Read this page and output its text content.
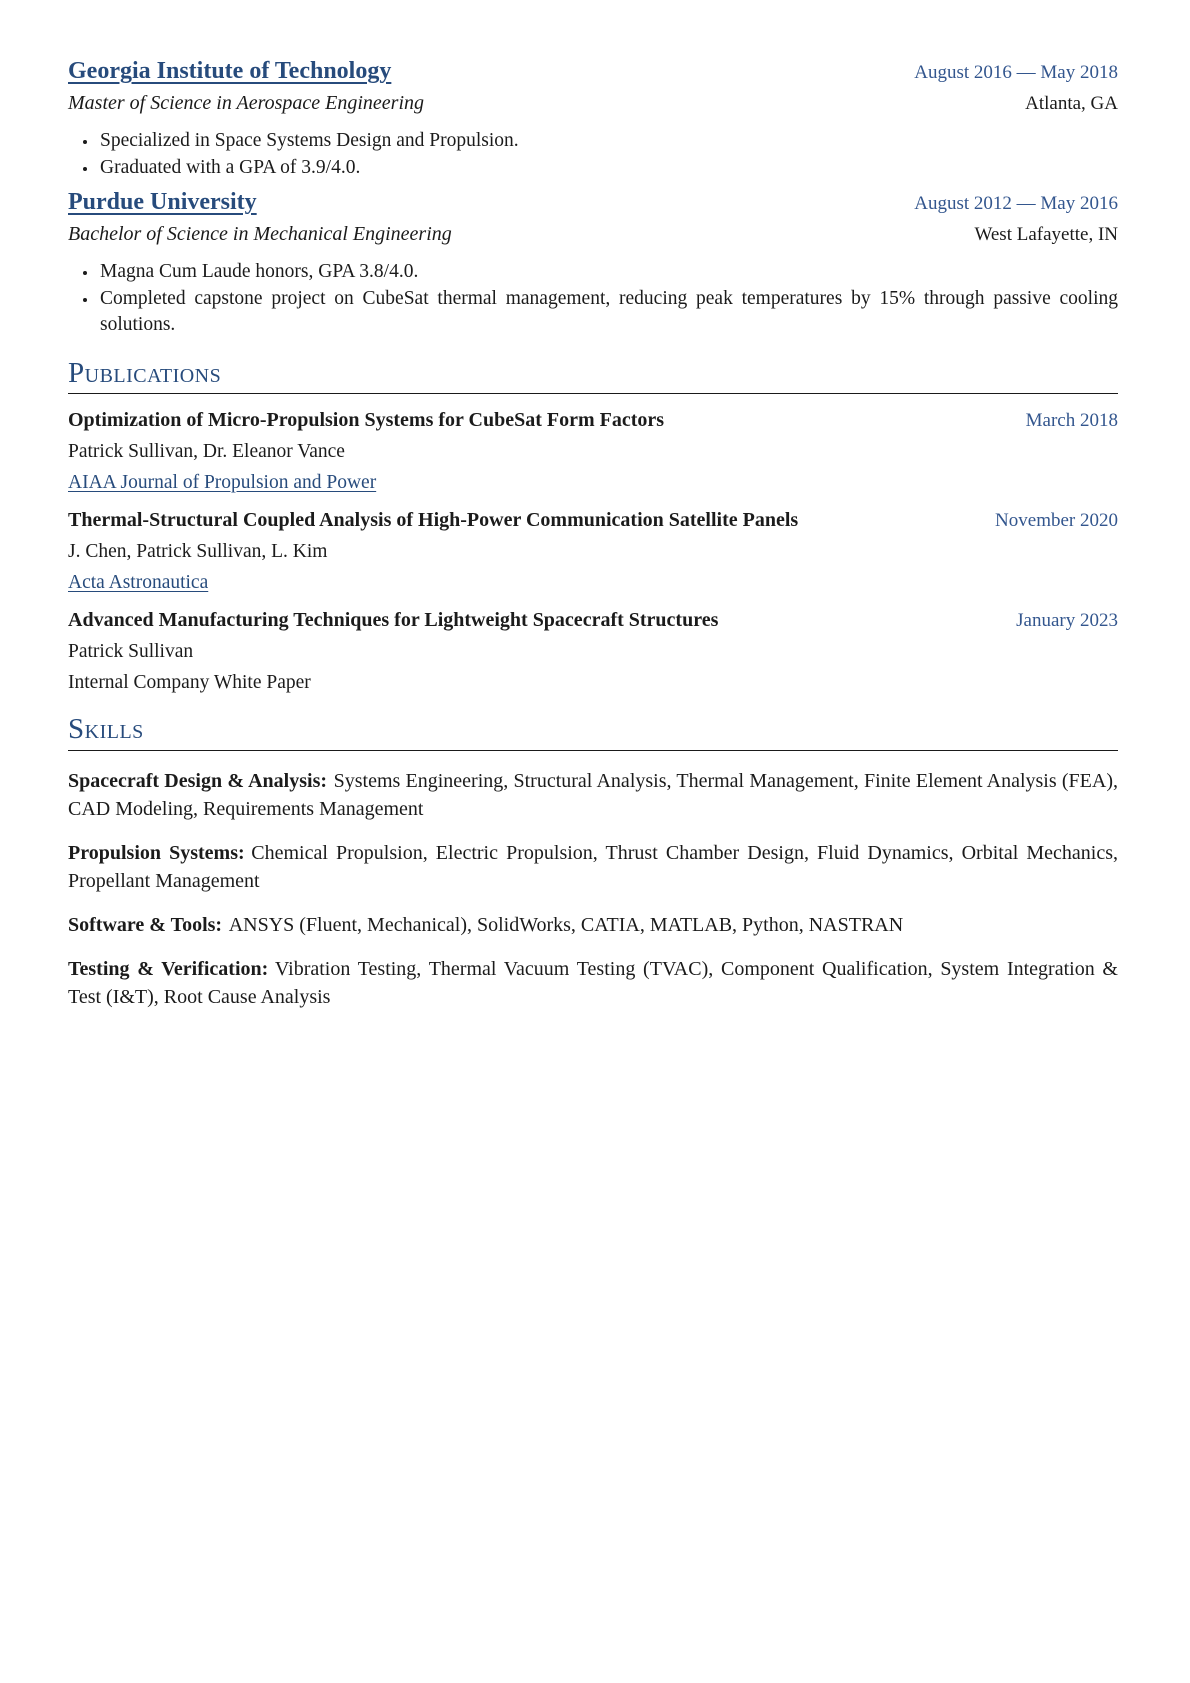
Georgia Institute of Technology	August 2016 — May 2018
Master of Science in Aerospace Engineering	Atlanta, GA
• Specialized in Space Systems Design and Propulsion.
• Graduated with a GPA of 3.9/4.0.
Purdue University	August 2012 — May 2016
Bachelor of Science in Mechanical Engineering	West Lafayette, IN
• Magna Cum Laude honors, GPA 3.8/4.0.
• Completed capstone project on CubeSat thermal management, reducing peak temperatures by 15% through passive cooling solutions.
Publications
Optimization of Micro-Propulsion Systems for CubeSat Form Factors	March 2018
Patrick Sullivan, Dr. Eleanor Vance
AIAA Journal of Propulsion and Power
Thermal-Structural Coupled Analysis of High-Power Communication Satellite Panels	November 2020
J. Chen, Patrick Sullivan, L. Kim
Acta Astronautica
Advanced Manufacturing Techniques for Lightweight Spacecraft Structures	January 2023
Patrick Sullivan
Internal Company White Paper
Skills

Spacecraft Design & Analysis: Systems Engineering, Structural Analysis, Thermal Management, Finite Element Analysis (FEA), CAD Modeling, Requirements Management

Propulsion Systems: Chemical Propulsion, Electric Propulsion, Thrust Chamber Design, Fluid Dynamics, Orbital Mechanics, Propellant Management

Software & Tools: ANSYS (Fluent, Mechanical), SolidWorks, CATIA, MATLAB, Python, NASTRAN

Testing & Verification: Vibration Testing, Thermal Vacuum Testing (TVAC), Component Qualification, System Integration & Test (I&T), Root Cause Analysis
